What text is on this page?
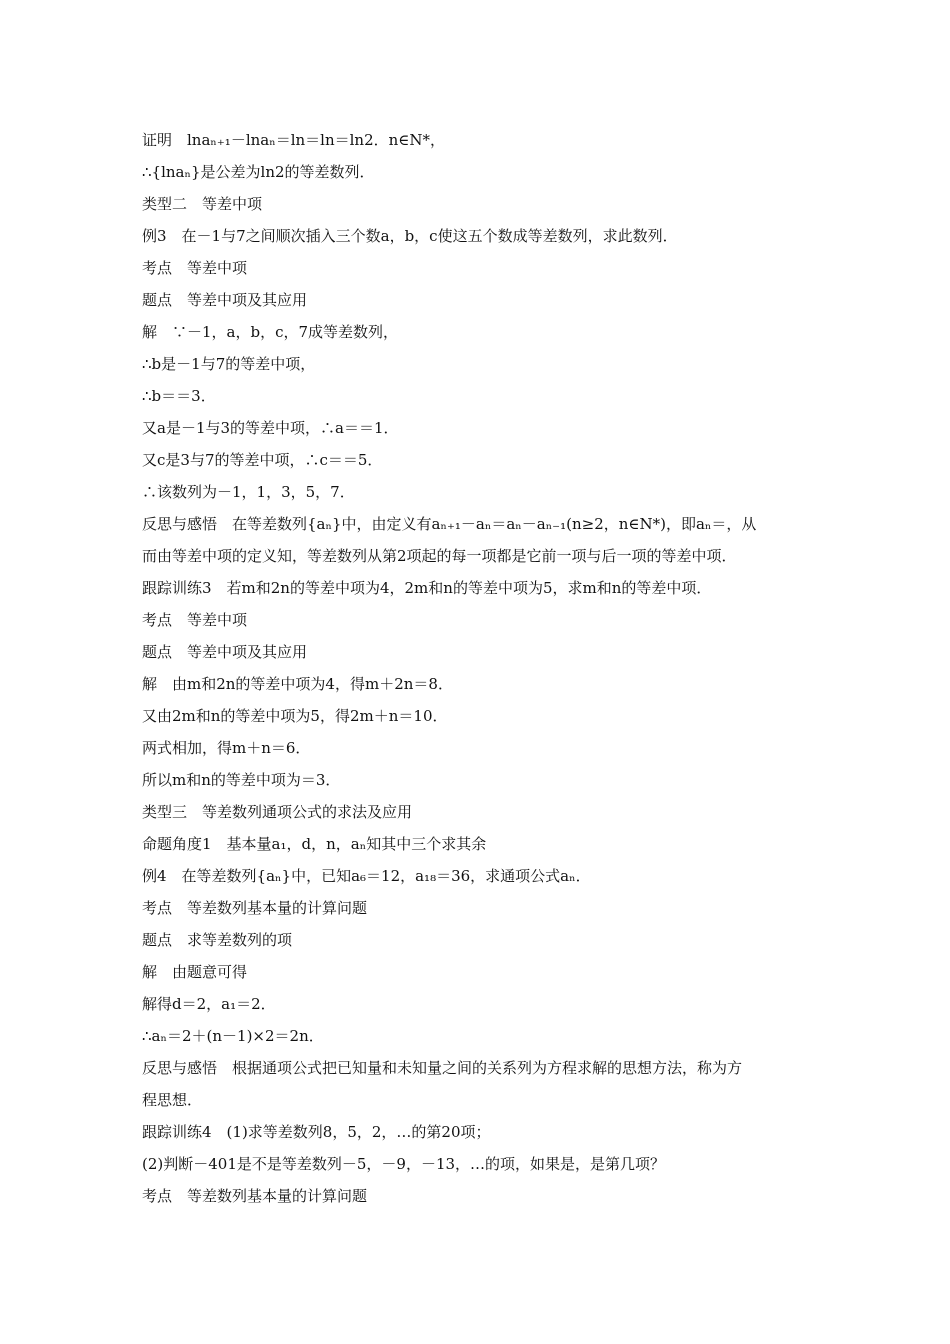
证明　lnaₙ₊₁－lnaₙ＝ln＝ln＝ln2．n∈N*，
∴{lnaₙ}是公差为ln2的等差数列．
类型二　等差中项
例3　在－1与7之间顺次插入三个数a，b，c使这五个数成等差数列，求此数列．
考点　等差中项
题点　等差中项及其应用
解　∵－1，a，b，c，7成等差数列，
∴b是－1与7的等差中项，
∴b＝＝3．
又a是－1与3的等差中项，∴a＝＝1．
又c是3与7的等差中项，∴c＝＝5．
∴该数列为－1，1，3，5，7．
反思与感悟　在等差数列{aₙ}中，由定义有aₙ₊₁－aₙ＝aₙ－aₙ₋₁(n≥2，n∈N*)，即aₙ＝，从
而由等差中项的定义知，等差数列从第2项起的每一项都是它前一项与后一项的等差中项．
跟踪训练3　若m和2n的等差中项为4，2m和n的等差中项为5，求m和n的等差中项．
考点　等差中项
题点　等差中项及其应用
解　由m和2n的等差中项为4，得m＋2n＝8．
又由2m和n的等差中项为5，得2m＋n＝10．
两式相加，得m＋n＝6．
所以m和n的等差中项为＝3．
类型三　等差数列通项公式的求法及应用
命题角度1　基本量a₁，d，n，aₙ知其中三个求其余
例4　在等差数列{aₙ}中，已知a₆＝12，a₁₈＝36，求通项公式aₙ．
考点　等差数列基本量的计算问题
题点　求等差数列的项
解　由题意可得
解得d＝2，a₁＝2．
∴aₙ＝2＋(n－1)×2＝2n．
反思与感悟　根据通项公式把已知量和未知量之间的关系列为方程求解的思想方法，称为方
程思想．
跟踪训练4　(1)求等差数列8，5，2，…的第20项；
(2)判断－401是不是等差数列－5，－9，－13，…的项，如果是，是第几项？
考点　等差数列基本量的计算问题
